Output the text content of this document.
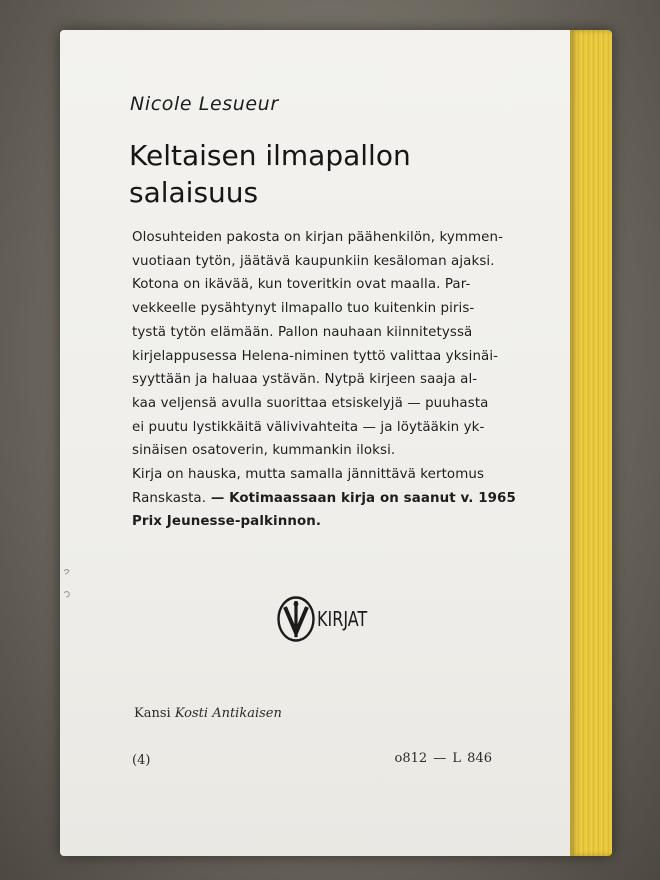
Nicole Lesueur

Keltaisen ilmapallon
salaisuus
Olosuhteiden pakosta on kirjan päähenkilön, kymmen-
vuotiaan tytön, jäätävä kaupunkiin kesäloman ajaksi.
Kotona on ikävää, kun toveritkin ovat maalla. Par-
vekkeelle pysähtynyt ilmapallo tuo kuitenkin piris-
tystä tytön elämään. Pallon nauhaan kiinnitetyssä
kirjelappusessa Helena-niminen tyttö valittaa yksinäi-
syyttään ja haluaa ystävän. Nytpä kirjeen saaja al-
kaa veljensä avulla suorittaa etsiskelyjä — puuhasta
ei puutu lystikkäitä välivivahteita — ja löytääkin yk-
sinäisen osatoverin, kummankin iloksi.
Kirja on hauska, mutta samalla jännittävä kertomus
Ranskasta. — Kotimaassaan kirja on saanut v. 1965
Prix Jeunesse-palkinnon.
KIRJAT
Kansi Kosti Antikaisen
(4)	o812 — L 846
